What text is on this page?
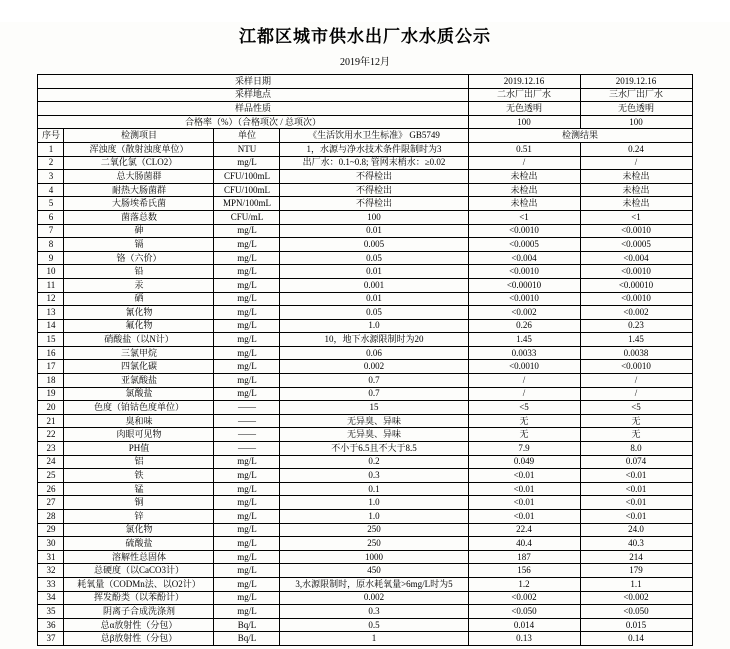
江都区城市供水出厂水水质公示
2019年12月
采样日期				2019.12.16	2019.12.16
采样地点				二水厂出厂水	三水厂出厂水
样品性质				无色透明	无色透明
合格率（%）（合格项次 / 总项次）				100	100
序号	检测项目	单位	《生活饮用水卫生标准》 GB5749	检测结果	
1	浑浊度（散射浊度单位）	NTU	1，水源与净水技术条件限制时为3	0.51	0.24
2	二氧化氯（CLO2）	mg/L	出厂水：0.1~0.8; 管网末梢水：≥0.02	/	/
3	总大肠菌群	CFU/100mL	不得检出	未检出	未检出
4	耐热大肠菌群	CFU/100mL	不得检出	未检出	未检出
5	大肠埃希氏菌	MPN/100mL	不得检出	未检出	未检出
6	菌落总数	CFU/mL	100	<1	<1
7	砷	mg/L	0.01	<0.0010	<0.0010
8	镉	mg/L	0.005	<0.0005	<0.0005
9	铬（六价）	mg/L	0.05	<0.004	<0.004
10	铅	mg/L	0.01	<0.0010	<0.0010
11	汞	mg/L	0.001	<0.00010	<0.00010
12	硒	mg/L	0.01	<0.0010	<0.0010
13	氰化物	mg/L	0.05	<0.002	<0.002
14	氟化物	mg/L	1.0	0.26	0.23
15	硝酸盐（以N计）	mg/L	10，地下水源限制时为20	1.45	1.45
16	三氯甲烷	mg/L	0.06	0.0033	0.0038
17	四氯化碳	mg/L	0.002	<0.0010	<0.0010
18	亚氯酸盐	mg/L	0.7	/	/
19	氯酸盐	mg/L	0.7	/	/
20	色度（铂钴色度单位）	——	15	<5	<5
21	臭和味	——	无异臭、异味	无	无
22	肉眼可见物	——	无异臭、异味	无	无
23	PH值	——	不小于6.5且不大于8.5	7.9	8.0
24	铝	mg/L	0.2	0.049	0.074
25	铁	mg/L	0.3	<0.01	<0.01
26	锰	mg/L	0.1	<0.01	<0.01
27	铜	mg/L	1.0	<0.01	<0.01
28	锌	mg/L	1.0	<0.01	<0.01
29	氯化物	mg/L	250	22.4	24.0
30	硫酸盐	mg/L	250	40.4	40.3
31	溶解性总固体	mg/L	1000	187	214
32	总硬度（以CaCO3计）	mg/L	450	156	179
33	耗氧量（CODMn法、以O2计）	mg/L	3,水源限制时，原水耗氧量>6mg/L时为5	1.2	1.1
34	挥发酚类（以苯酚计）	mg/L	0.002	<0.002	<0.002
35	阴离子合成洗涤剂	mg/L	0.3	<0.050	<0.050
36	总α放射性（分包）	Bq/L	0.5	0.014	0.015
37	总β放射性（分包）	Bq/L	1	0.13	0.14
